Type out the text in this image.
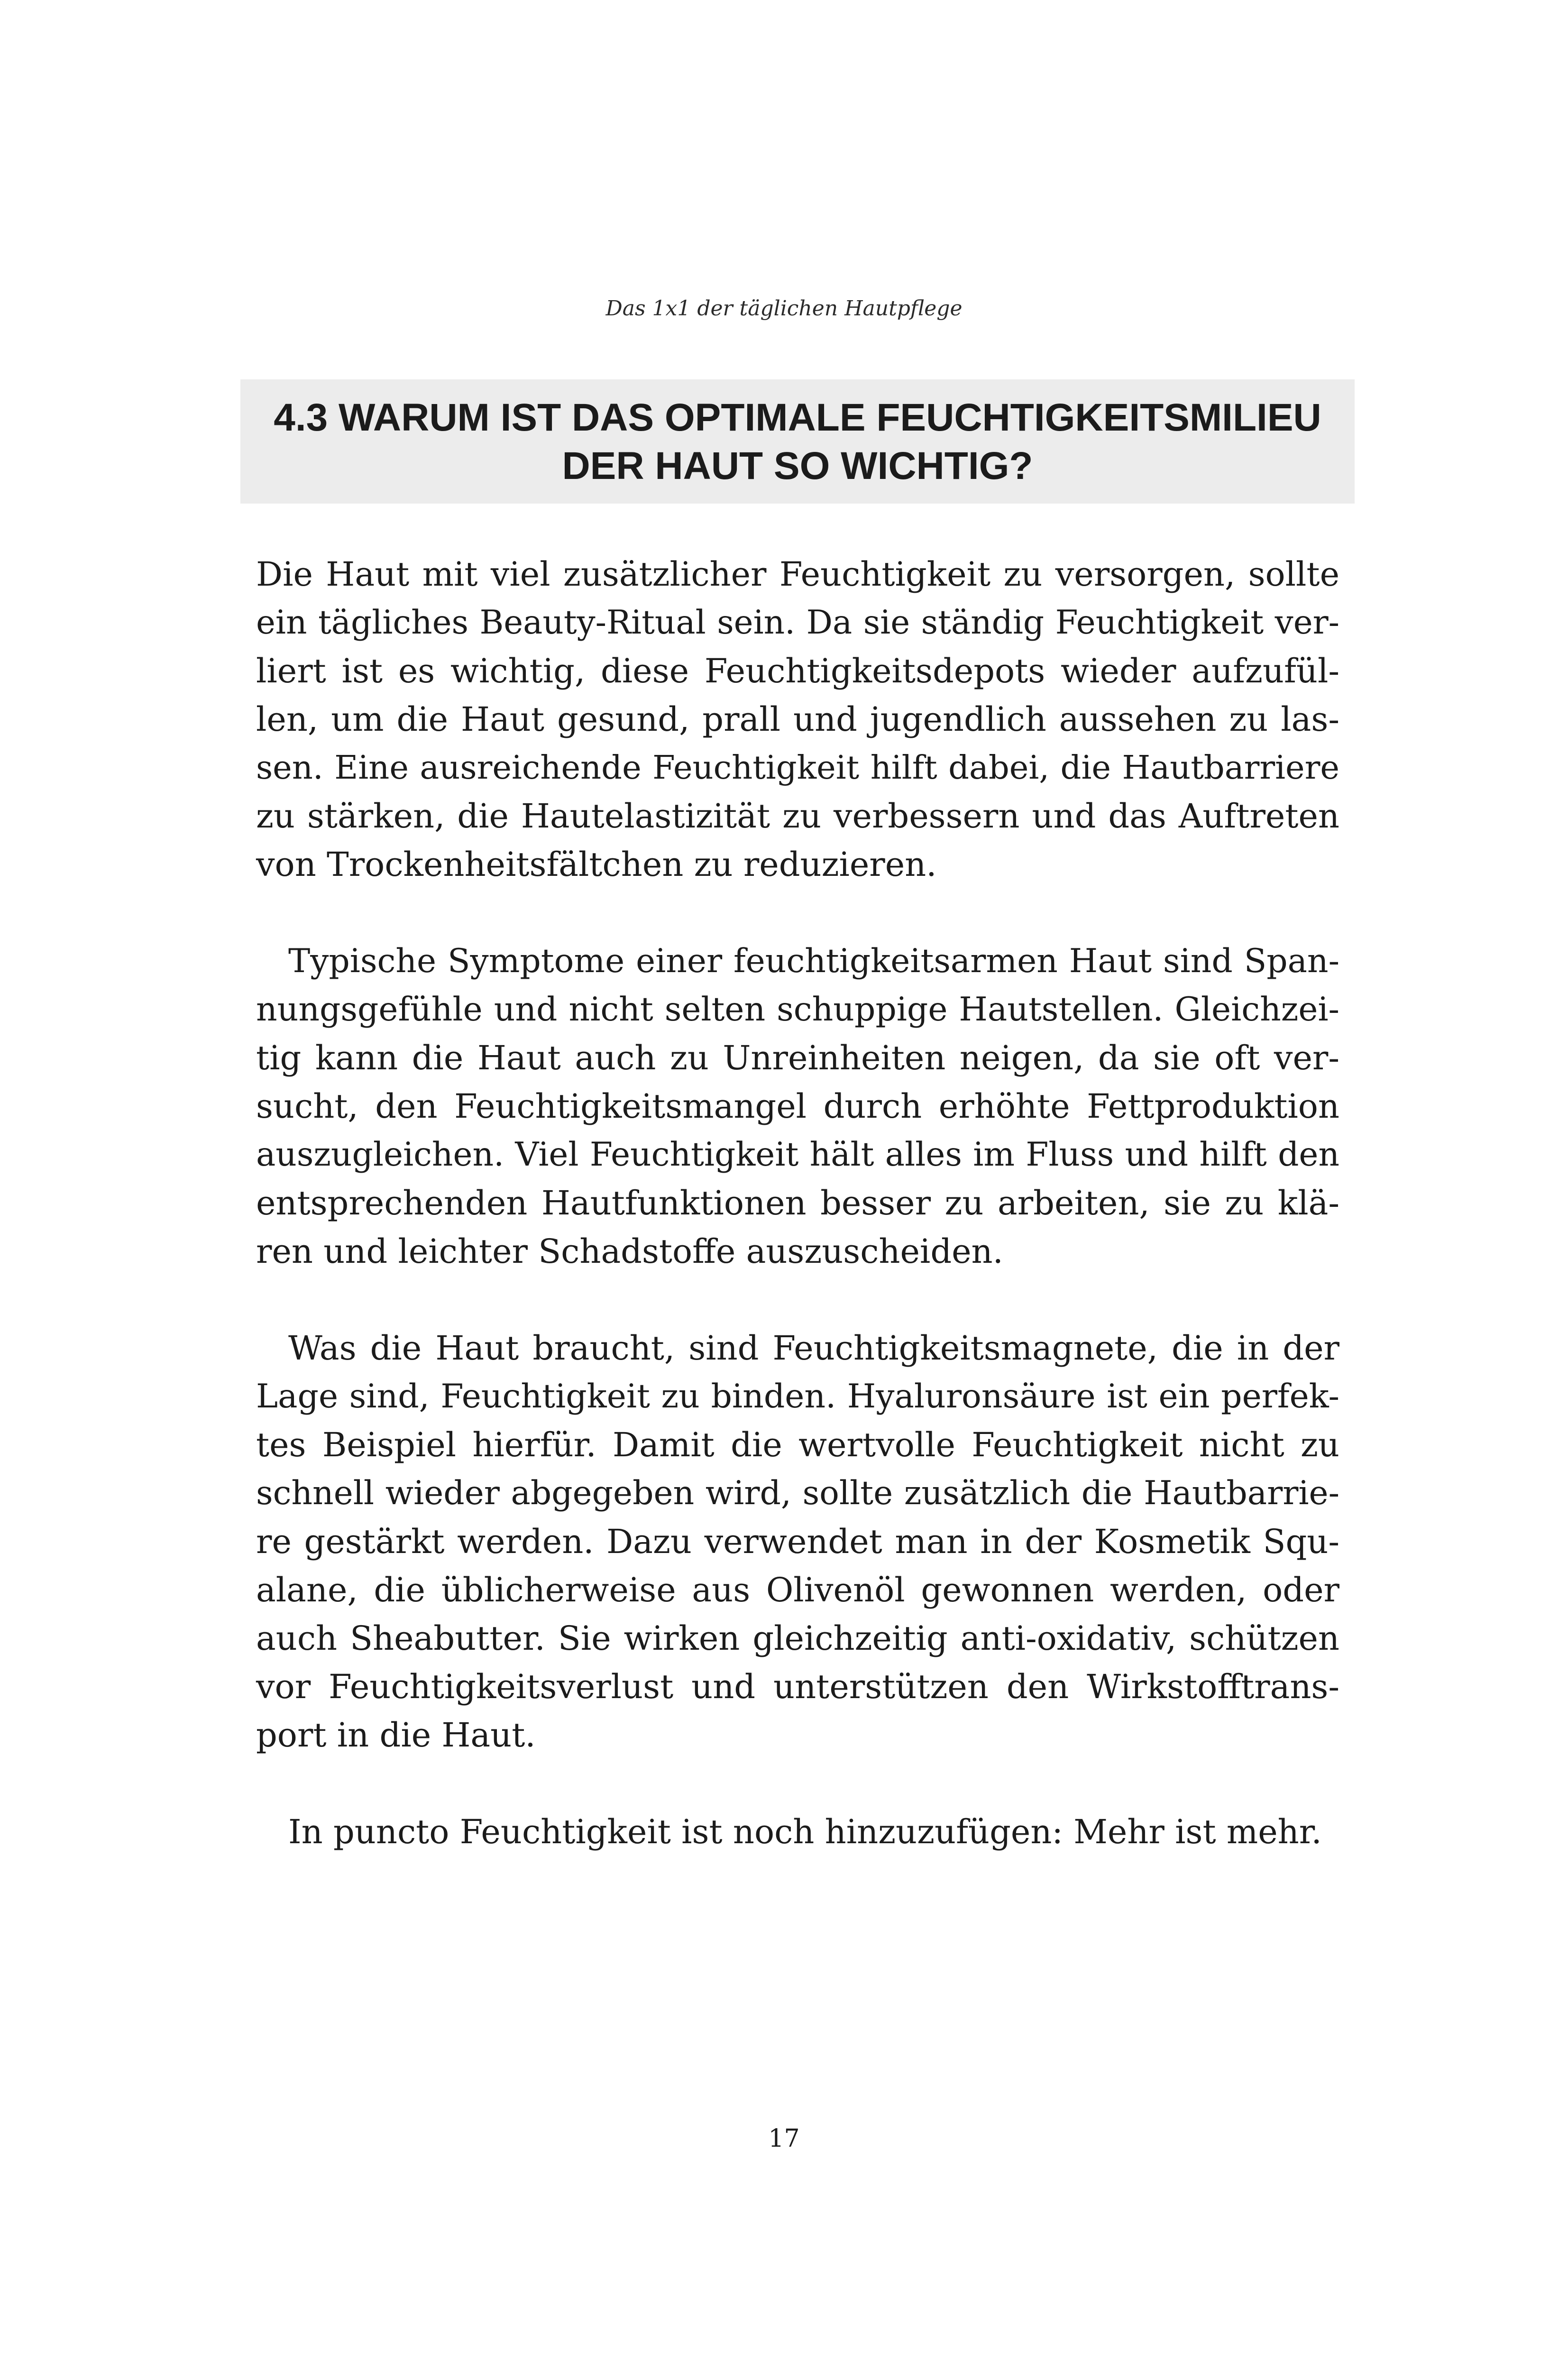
Das 1x1 der täglichen Hautpflege
4.3 WARUM IST DAS OPTIMALE FEUCHTIGKEITSMILIEU
DER HAUT SO WICHTIG?

Die Haut mit viel zusätzlicher Feuchtigkeit zu versorgen, sollte
ein tägliches Beauty-Ritual sein. Da sie ständig Feuchtigkeit ver-
liert ist es wichtig, diese Feuchtigkeitsdepots wieder aufzufül-
len, um die Haut gesund, prall und jugendlich aussehen zu las-
sen. Eine ausreichende Feuchtigkeit hilft dabei, die Hautbarriere
zu stärken, die Hautelastizität zu verbessern und das Auftreten
von Trockenheitsfältchen zu reduzieren.

Typische Symptome einer feuchtigkeitsarmen Haut sind Span-
nungsgefühle und nicht selten schuppige Hautstellen. Gleichzei-
tig kann die Haut auch zu Unreinheiten neigen, da sie oft ver-
sucht, den Feuchtigkeitsmangel durch erhöhte Fettproduktion
auszugleichen. Viel Feuchtigkeit hält alles im Fluss und hilft den
entsprechenden Hautfunktionen besser zu arbeiten, sie zu klä-
ren und leichter Schadstoffe auszuscheiden.

Was die Haut braucht, sind Feuchtigkeitsmagnete, die in der
Lage sind, Feuchtigkeit zu binden. Hyaluronsäure ist ein perfek-
tes Beispiel hierfür. Damit die wertvolle Feuchtigkeit nicht zu
schnell wieder abgegeben wird, sollte zusätzlich die Hautbarrie-
re gestärkt werden. Dazu verwendet man in der Kosmetik Squ-
alane, die üblicherweise aus Olivenöl gewonnen werden, oder
auch Sheabutter. Sie wirken gleichzeitig anti-oxidativ, schützen
vor Feuchtigkeitsverlust und unterstützen den Wirkstofftrans-
port in die Haut.

In puncto Feuchtigkeit ist noch hinzuzufügen: Mehr ist mehr.

17
